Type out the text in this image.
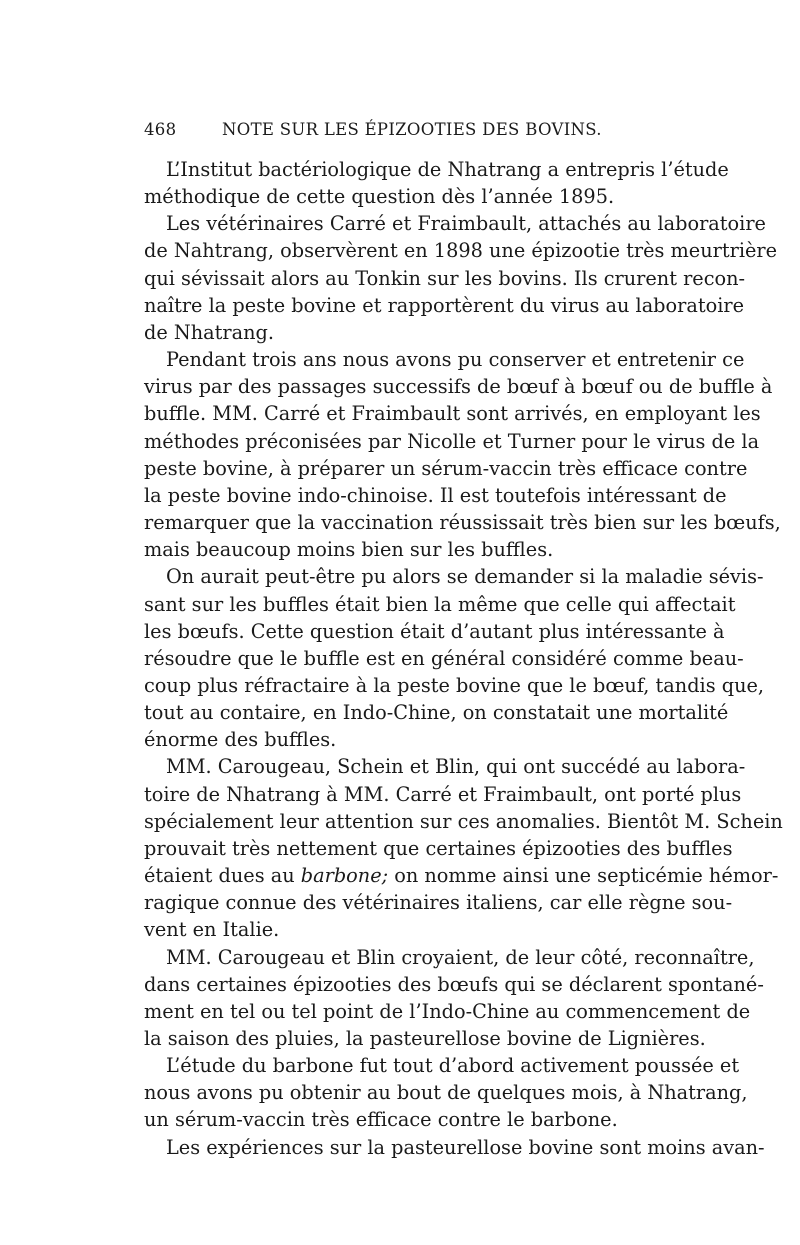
468	NOTE SUR LES ÉPIZOOTIES DES BOVINS.

L’Institut bactériologique de Nhatrang a entrepris l’étude
méthodique de cette question dès l’année 1895.

Les vétérinaires Carré et Fraimbault, attachés au laboratoire
de Nahtrang, observèrent en 1898 une épizootie très meurtrière
qui sévissait alors au Tonkin sur les bovins. Ils crurent recon-
naître la peste bovine et rapportèrent du virus au laboratoire
de Nhatrang.

Pendant trois ans nous avons pu conserver et entretenir ce
virus par des passages successifs de bœuf à bœuf ou de buffle à
buffle. MM. Carré et Fraimbault sont arrivés, en employant les
méthodes préconisées par Nicolle et Turner pour le virus de la
peste bovine, à préparer un sérum-vaccin très efficace contre
la peste bovine indo-chinoise. Il est toutefois intéressant de
remarquer que la vaccination réussissait très bien sur les bœufs,
mais beaucoup moins bien sur les buffles.

On aurait peut-être pu alors se demander si la maladie sévis-
sant sur les buffles était bien la même que celle qui affectait
les bœufs. Cette question était d’autant plus intéressante à
résoudre que le buffle est en général considéré comme beau-
coup plus réfractaire à la peste bovine que le bœuf, tandis que,
tout au contaire, en Indo-Chine, on constatait une mortalité
énorme des buffles.

MM. Carougeau, Schein et Blin, qui ont succédé au labora-
toire de Nhatrang à MM. Carré et Fraimbault, ont porté plus
spécialement leur attention sur ces anomalies. Bientôt M. Schein
prouvait très nettement que certaines épizooties des buffles
étaient dues au barbone; on nomme ainsi une septicémie hémor-
ragique connue des vétérinaires italiens, car elle règne sou-
vent en Italie.

MM. Carougeau et Blin croyaient, de leur côté, reconnaître,
dans certaines épizooties des bœufs qui se déclarent spontané-
ment en tel ou tel point de l’Indo-Chine au commencement de
la saison des pluies, la pasteurellose bovine de Lignières.

L’étude du barbone fut tout d’abord activement poussée et
nous avons pu obtenir au bout de quelques mois, à Nhatrang,
un sérum-vaccin très efficace contre le barbone.

Les expériences sur la pasteurellose bovine sont moins avan-
